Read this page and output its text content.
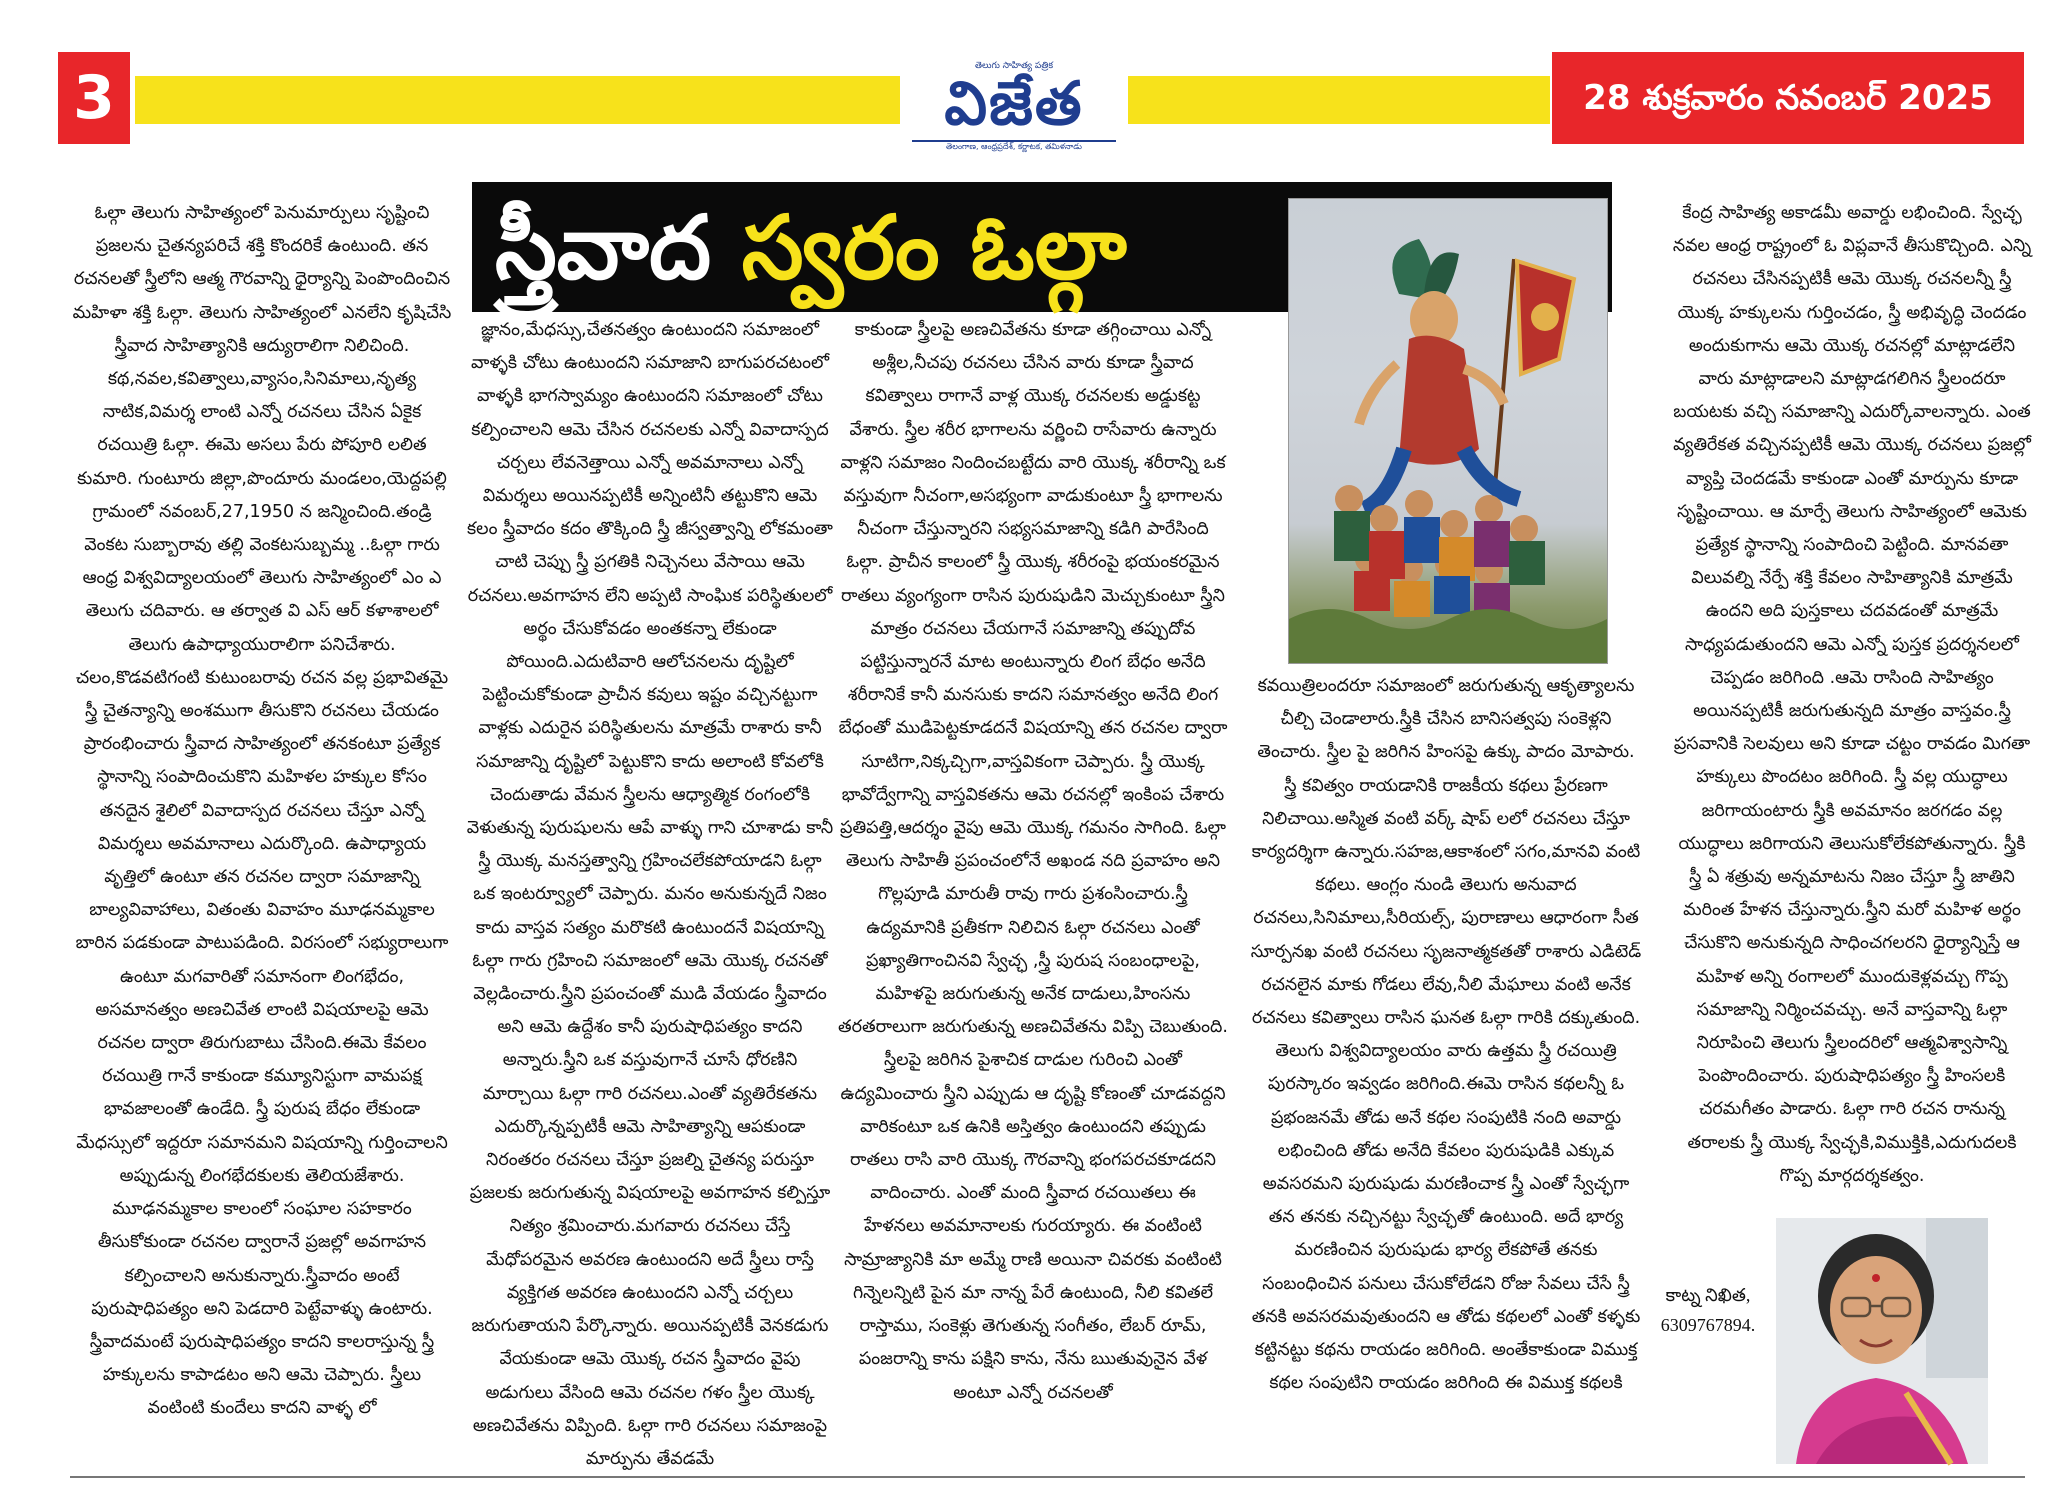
3	తెలుగు సాహిత్య పత్రిక
విజేత
తెలంగాణ, ఆంధ్రప్రదేశ్, కర్ణాటక, తమిళనాడు
28 శుక్రవారం నవంబర్ 2025
స్త్రీవాద స్వరం ఓల్గా

ఓల్గా తెలుగు సాహిత్యంలో పెనుమార్పులు సృష్టించి ప్రజలను చైతన్యపరిచే శక్తి కొందరికే ఉంటుంది. తన రచనలతో స్త్రీలోని ఆత్మ గౌరవాన్ని ధైర్యాన్ని పెంపొందించిన మహిళా శక్తి ఓల్గా. తెలుగు సాహిత్యంలో ఎనలేని కృషిచేసి స్త్రీవాద సాహిత్యానికి ఆద్యురాలిగా నిలిచింది. కథ,నవల,కవిత్వాలు,వ్యాసం,సినిమాలు,నృత్య నాటిక,విమర్శ లాంటి ఎన్నో రచనలు చేసిన ఏకైక రచయిత్రి ఓల్గా. ఈమె అసలు పేరు పోపూరి లలిత కుమారి. గుంటూరు జిల్లా,పొందూరు మండలం,యెద్దపల్లి గ్రామంలో నవంబర్,27,1950 న జన్మించింది.తండ్రి వెంకట సుబ్బారావు తల్లి వెంకటసుబ్బమ్మ ..ఓల్గా గారు ఆంధ్ర విశ్వవిద్యాలయంలో తెలుగు సాహిత్యంలో ఎం ఎ తెలుగు చదివారు. ఆ తర్వాత వి ఎస్ ఆర్ కళాశాలలో తెలుగు ఉపాధ్యాయురాలిగా పనిచేశారు.

చలం,కొడవటిగంటి కుటుంబరావు రచన వల్ల ప్రభావితమై స్త్రీ చైతన్యాన్ని అంశముగా తీసుకొని రచనలు చేయడం ప్రారంభించారు స్త్రీవాద సాహిత్యంలో తనకంటూ ప్రత్యేక స్థానాన్ని సంపాదించుకొని మహిళల హక్కుల కోసం తనదైన శైలిలో వివాదాస్పద రచనలు చేస్తూ ఎన్నో విమర్శలు అవమానాలు ఎదుర్కొంది. ఉపాధ్యాయ వృత్తిలో ఉంటూ తన రచనల ద్వారా సమాజాన్ని బాల్యవివాహాలు, వితంతు వివాహం మూఢనమ్మకాల బారిన పడకుండా పాటుపడింది. విరసంలో సభ్యురాలుగా ఉంటూ మగవారితో సమానంగా లింగభేదం, అసమానత్వం అణచివేత లాంటి విషయాలపై ఆమె రచనల ద్వారా తిరుగుబాటు చేసింది.ఈమె కేవలం రచయిత్రి గానే కాకుండా కమ్యూనిస్టుగా వామపక్ష భావజాలంతో ఉండేది. స్త్రీ పురుష బేధం లేకుండా మేధస్సులో ఇద్దరూ సమానమని విషయాన్ని గుర్తించాలని అప్పుడున్న లింగభేదకులకు తెలియజేశారు. మూఢనమ్మకాల కాలంలో సంఘాల సహకారం తీసుకోకుండా రచనల ద్వారానే ప్రజల్లో అవగాహన కల్పించాలని అనుకున్నారు.స్త్రీవాదం అంటే పురుషాధిపత్యం అని పెడదారి పెట్టేవాళ్ళు ఉంటారు. స్త్రీవాదమంటే పురుషాధిపత్యం కాదని కాలరాస్తున్న స్త్రీ హక్కులను కాపాడటం అని ఆమె చెప్పారు. స్త్రీలు వంటింటి కుందేలు కాదని వాళ్ళ లో

జ్ఞానం,మేధస్సు,చేతనత్వం ఉంటుందని సమాజంలో వాళ్ళకి చోటు ఉంటుందని సమాజాని బాగుపరచటంలో వాళ్ళకి భాగస్వామ్యం ఉంటుందని సమాజంలో చోటు కల్పించాలని ఆమె చేసిన రచనలకు ఎన్నో వివాదాస్పద చర్చలు లేవనెత్తాయి ఎన్నో అవమానాలు ఎన్నో విమర్శలు అయినప్పటికీ అన్నింటినీ తట్టుకొని ఆమె కలం స్త్రీవాదం కదం తొక్కింది స్త్రీ జీస్వత్వాన్ని లోకమంతా చాటి చెప్పు స్త్రీ ప్రగతికి నిచ్చెనలు వేసాయి ఆమె రచనలు.అవగాహన లేని అప్పటి సాంఘిక పరిస్థితులలో అర్థం చేసుకోవడం అంతకన్నా లేకుండా పోయింది.ఎదుటివారి ఆలోచనలను దృష్టిలో పెట్టించుకోకుండా ప్రాచీన కవులు ఇష్టం వచ్చినట్టుగా వాళ్లకు ఎదురైన పరిస్థితులను మాత్రమే రాశారు కానీ సమాజాన్ని దృష్టిలో పెట్టుకొని కాదు అలాంటి కోవలోకి చెందుతాడు వేమన స్త్రీలను ఆధ్యాత్మిక రంగంలోకి వెళుతున్న పురుషులను ఆపే వాళ్ళు గాని చూశాడు కానీ స్త్రీ యొక్క మనస్తత్వాన్ని గ్రహించలేకపోయాడని ఓల్గా ఒక ఇంటర్వ్యూలో చెప్పారు. మనం అనుకున్నదే నిజం కాదు వాస్తవ సత్యం మరొకటి ఉంటుందనే విషయాన్ని ఓల్గా గారు గ్రహించి సమాజంలో ఆమె యొక్క రచనతో వెల్లడించారు.స్త్రీని ప్రపంచంతో ముడి వేయడం స్త్రీవాదం అని ఆమె ఉద్దేశం కానీ పురుషాధిపత్యం కాదని అన్నారు.స్త్రీని ఒక వస్తువుగానే చూసే ధోరణిని మార్చాయి ఓల్గా గారి రచనలు.ఎంతో వ్యతిరేకతను ఎదుర్కొన్నప్పటికీ ఆమె సాహిత్యాన్ని ఆపకుండా నిరంతరం రచనలు చేస్తూ ప్రజల్ని చైతన్య పరుస్తూ ప్రజలకు జరుగుతున్న విషయాలపై అవగాహన కల్పిస్తూ నిత్యం శ్రమించారు.మగవారు రచనలు చేస్తే మేధోపరమైన అవరణ ఉంటుందని అదే స్త్రీలు రాస్తే వ్యక్తిగత అవరణ ఉంటుందని ఎన్నో చర్చలు జరుగుతాయని పేర్కొన్నారు. అయినప్పటికీ వెనకడుగు వేయకుండా ఆమె యొక్క రచన స్త్రీవాదం వైపు అడుగులు వేసింది ఆమె రచనల గళం స్త్రీల యొక్క అణచివేతను విప్పింది. ఓల్గా గారి రచనలు సమాజంపై మార్పును తేవడమే

కాకుండా స్త్రీలపై అణచివేతను కూడా తగ్గించాయి ఎన్నో అశ్లీల,నీచపు రచనలు చేసిన వారు కూడా స్త్రీవాద కవిత్వాలు రాగానే వాళ్ల యొక్క రచనలకు అడ్డుకట్ట వేశారు. స్త్రీల శరీర భాగాలను వర్ణించి రాసేవారు ఉన్నారు వాళ్లని సమాజం నిందించబట్టేదు వారి యొక్క శరీరాన్ని ఒక వస్తువుగా నీచంగా,అసభ్యంగా వాడుకుంటూ స్త్రీ భాగాలను నీచంగా చేస్తున్నారని సభ్యసమాజాన్ని కడిగి పారేసింది ఓల్గా. ప్రాచీన కాలంలో స్త్రీ యొక్క శరీరంపై భయంకరమైన రాతలు వ్యంగ్యంగా రాసిన పురుషుడిని మెచ్చుకుంటూ స్త్రీని మాత్రం రచనలు చేయగానే సమాజాన్ని తప్పుదోవ పట్టిస్తున్నారనే మాట అంటున్నారు లింగ బేధం అనేది శరీరానికే కానీ మనసుకు కాదని సమానత్వం అనేది లింగ బేధంతో ముడిపెట్టకూడదనే విషయాన్ని తన రచనల ద్వారా సూటిగా,నిక్కచ్చిగా,వాస్తవికంగా చెప్పారు. స్త్రీ యొక్క భావోద్వేగాన్ని వాస్తవికతను ఆమె రచనల్లో ఇంకింప చేశారు ప్రతిపత్తి,ఆదర్శం వైపు ఆమె యొక్క గమనం సాగింది. ఓల్గా తెలుగు సాహితీ ప్రపంచంలోనే అఖండ నది ప్రవాహం అని గొల్లపూడి మారుతీ రావు గారు ప్రశంసించారు.స్త్రీ ఉద్యమానికి ప్రతీకగా నిలిచిన ఓల్గా రచనలు ఎంతో ప్రఖ్యాతిగాంచినవి స్వేచ్ఛ ,స్త్రీ పురుష సంబంధాలపై, మహిళపై జరుగుతున్న అనేక దాడులు,హింసను తరతరాలుగా జరుగుతున్న అణచివేతను విప్పి చెబుతుంది. స్త్రీలపై జరిగిన పైశాచిక దాడుల గురించి ఎంతో ఉద్యమించారు స్త్రీని ఎప్పుడు ఆ దృష్టి కోణంతో చూడవద్దని వారికంటూ ఒక ఉనికి అస్తిత్వం ఉంటుందని తప్పుడు రాతలు రాసి వారి యొక్క గౌరవాన్ని భంగపరచకూడదని వాదించారు. ఎంతో మంది స్త్రీవాద రచయితలు ఈ హేళనలు అవమానాలకు గురయ్యారు. ఈ వంటింటి సామ్రాజ్యానికి మా అమ్మే రాణి అయినా చివరకు వంటింటి గిన్నెలన్నిటి పైన మా నాన్న పేరే ఉంటుంది, నీలి కవితలే రాస్తాము, సంకెళ్లు తెగుతున్న సంగీతం, లేబర్ రూమ్, పంజరాన్ని కాను పక్షిని కాను, నేను ఋతువునైన వేళ అంటూ ఎన్నో రచనలతో

కవయిత్రిలందరూ సమాజంలో జరుగుతున్న ఆకృత్యాలను చీల్చి చెండాలారు.స్త్రీకి చేసిన బానిసత్వపు సంకెళ్లని తెంచారు. స్త్రీల పై జరిగిన హింసపై ఉక్కు పాదం మోపారు. స్త్రీ కవిత్వం రాయడానికి రాజకీయ కథలు ప్రేరణగా నిలిచాయి.అస్మిత వంటి వర్క్ షాప్ లలో రచనలు చేస్తూ కార్యదర్శిగా ఉన్నారు.సహజ,ఆకాశంలో సగం,మానవి వంటి కథలు. ఆంగ్లం నుండి తెలుగు అనువాద రచనలు,సినిమాలు,సీరియల్స్, పురాణాలు ఆధారంగా సీత సూర్పనఖ వంటి రచనలు సృజనాత్మకతతో రాశారు ఎడిటెడ్ రచనలైన మాకు గోడలు లేవు,నీలి మేఘాలు వంటి అనేక రచనలు కవిత్వాలు రాసిన ఘనత ఓల్గా గారికి దక్కుతుంది.

తెలుగు విశ్వవిద్యాలయం వారు ఉత్తమ స్త్రీ రచయిత్రి పురస్కారం ఇవ్వడం జరిగింది.ఈమె రాసిన కథలన్నీ ఓ ప్రభంజనమే తోడు అనే కథల సంపుటికి నంది అవార్డు లభించింది తోడు అనేది కేవలం పురుషుడికి ఎక్కువ అవసరమని పురుషుడు మరణించాక స్త్రీ ఎంతో స్వేచ్ఛగా తన తనకు నచ్చినట్టు స్వేచ్ఛతో ఉంటుంది. అదే భార్య మరణించిన పురుషుడు భార్య లేకపోతే తనకు సంబంధించిన పనులు చేసుకోలేడని రోజు సేవలు చేసే స్త్రీ తనకి అవసరమవుతుందని ఆ తోడు కథలలో ఎంతో కళ్ళకు కట్టినట్టు కథను రాయడం జరిగింది. అంతేకాకుండా విముక్త కథల సంపుటిని రాయడం జరిగింది ఈ విముక్త కథలకి

కేంద్ర సాహిత్య అకాడమీ అవార్డు లభించింది. స్వేచ్ఛ నవల ఆంధ్ర రాష్ట్రంలో ఓ విప్లవానే తీసుకొచ్చింది. ఎన్ని రచనలు చేసినప్పటికీ ఆమె యొక్క రచనలన్నీ స్త్రీ యొక్క హక్కులను గుర్తించడం, స్త్రీ అభివృద్ధి చెందడం అందుకుగాను ఆమె యొక్క రచనల్లో మాట్లాడలేని వారు మాట్లాడాలని మాట్లాడగలిగిన స్త్రీలందరూ బయటకు వచ్చి సమాజాన్ని ఎదుర్కోవాలన్నారు. ఎంత వ్యతిరేకత వచ్చినప్పటికీ ఆమె యొక్క రచనలు ప్రజల్లో వ్యాప్తి చెందడమే కాకుండా ఎంతో మార్పును కూడా సృష్టించాయి. ఆ మార్పే తెలుగు సాహిత్యంలో ఆమెకు ప్రత్యేక స్థానాన్ని సంపాదించి పెట్టింది. మానవతా విలువల్ని నేర్పే శక్తి కేవలం సాహిత్యానికి మాత్రమే ఉందని అది పుస్తకాలు చదవడంతో మాత్రమే సాధ్యపడుతుందని ఆమె ఎన్నో పుస్తక ప్రదర్శనలలో చెప్పడం జరిగింది .ఆమె రాసింది సాహిత్యం అయినప్పటికీ జరుగుతున్నది మాత్రం వాస్తవం.స్త్రీ ప్రసవానికి సెలవులు అని కూడా చట్టం రావడం మిగతా హక్కులు పొందటం జరిగింది. స్త్రీ వల్ల యుద్ధాలు జరిగాయంటారు స్త్రీకి అవమానం జరగడం వల్ల యుద్ధాలు జరిగాయని తెలుసుకోలేకపోతున్నారు. స్త్రీకి స్త్రీ ఏ శత్రువు అన్నమాటను నిజం చేస్తూ స్త్రీ జాతిని మరింత హేళన చేస్తున్నారు.స్త్రీని మరో మహిళ అర్థం చేసుకొని అనుకున్నది సాధించగలరని ధైర్యాన్నిస్తే ఆ మహిళ అన్ని రంగాలలో ముందుకెళ్లవచ్చు గొప్ప సమాజాన్ని నిర్మించవచ్చు. అనే వాస్తవాన్ని ఓల్గా నిరూపించి తెలుగు స్త్రీలందరిలో ఆత్మవిశ్వాసాన్ని పెంపొందించారు. పురుషాధిపత్యం స్త్రీ హింసలకి చరమగీతం పాడారు. ఓల్గా గారి రచన రానున్న తరాలకు స్త్రీ యొక్క స్వేచ్ఛకి,విముక్తికి,ఎదుగుదలకి గొప్ప మార్గదర్శకత్వం.

కాట్న నిఖిత,
6309767894.
